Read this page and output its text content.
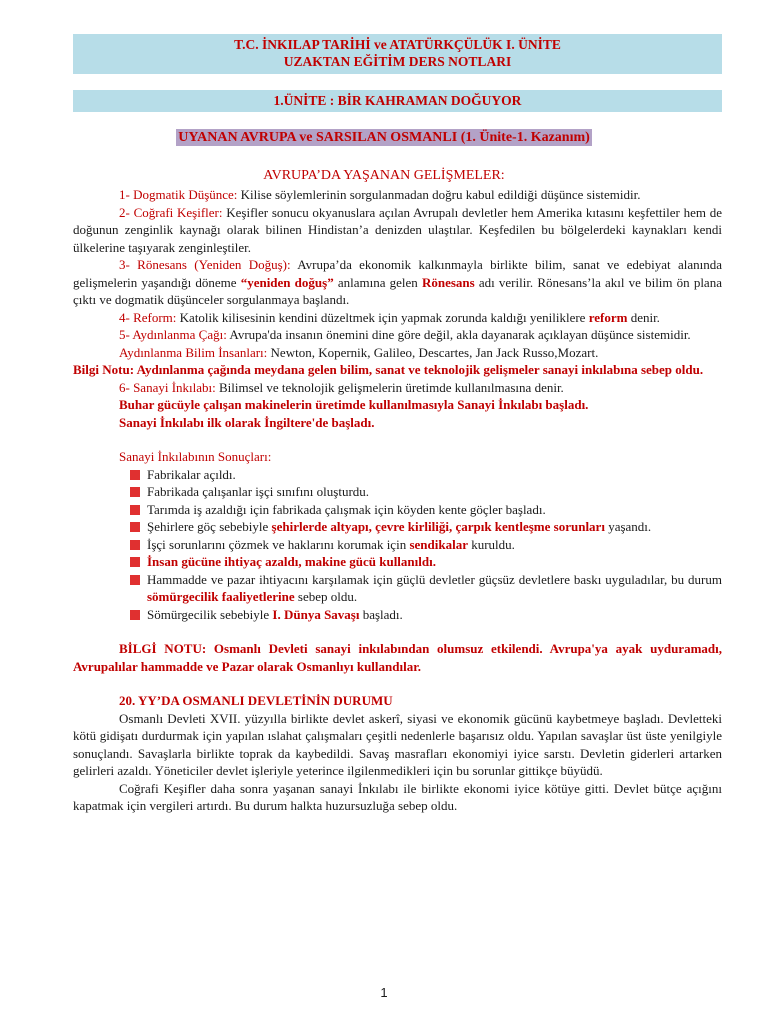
T.C. İNKILAP TARİHİ ve ATATÜRKÇÜLÜK I. ÜNİTE
UZAKTAN EĞİTİM DERS NOTLARI
1.ÜNİTE : BİR KAHRAMAN DOĞUYOR
UYANAN AVRUPA ve SARSILAN OSMANLI (1. Ünite-1. Kazanım)
AVRUPA’DA YAŞANAN GELİŞMELER:

1- Dogmatik Düşünce: Kilise söylemlerinin sorgulanmadan doğru kabul edildiği düşünce sistemidir.

2- Coğrafi Keşifler: Keşifler sonucu okyanuslara açılan Avrupalı devletler hem Amerika kıtasını keşfettiler hem de doğunun zenginlik kaynağı olarak bilinen Hindistan’a denizden ulaştılar. Keşfedilen bu bölgelerdeki kaynakları kendi ülkelerine taşıyarak zenginleştiler.

3- Rönesans (Yeniden Doğuş): Avrupa’da ekonomik kalkınmayla birlikte bilim, sanat ve edebiyat alanında gelişmelerin yaşandığı döneme “yeniden doğuş” anlamına gelen Rönesans adı verilir. Rönesans’la akıl ve bilim ön plana çıktı ve dogmatik düşünceler sorgulanmaya başlandı.

4- Reform: Katolik kilisesinin kendini düzeltmek için yapmak zorunda kaldığı yeniliklere reform denir.

5- Aydınlanma Çağı: Avrupa'da insanın önemini dine göre değil, akla dayanarak açıklayan düşünce sistemidir.

Aydınlanma Bilim İnsanları: Newton, Kopernik, Galileo, Descartes, Jan Jack Russo,Mozart.

Bilgi Notu: Aydınlanma çağında meydana gelen bilim, sanat ve teknolojik gelişmeler sanayi inkılabına sebep oldu.

6- Sanayi İnkılabı: Bilimsel ve teknolojik gelişmelerin üretimde kullanılmasına denir.

Buhar gücüyle çalışan makinelerin üretimde kullanılmasıyla Sanayi İnkılabı başladı.

Sanayi İnkılabı ilk olarak İngiltere'de başladı.

Sanayi İnkılabının Sonuçları:

Fabrikalar açıldı.
Fabrikada çalışanlar işçi sınıfını oluşturdu.
Tarımda iş azaldığı için fabrikada çalışmak için köyden kente göçler başladı.
Şehirlere göç sebebiyle şehirlerde altyapı, çevre kirliliği, çarpık kentleşme sorunları yaşandı.
İşçi sorunlarını çözmek ve haklarını korumak için sendikalar kuruldu.
İnsan gücüne ihtiyaç azaldı, makine gücü kullanıldı.
Hammadde ve pazar ihtiyacını karşılamak için güçlü devletler güçsüz devletlere baskı uyguladılar, bu durum sömürgecilik faaliyetlerine sebep oldu.
Sömürgecilik sebebiyle I. Dünya Savaşı başladı.

BİLGİ NOTU: Osmanlı Devleti sanayi inkılabından olumsuz etkilendi. Avrupa'ya ayak uyduramadı, Avrupalılar hammadde ve Pazar olarak Osmanlıyı kullandılar.

20. YY’DA OSMANLI DEVLETİNİN DURUMU

Osmanlı Devleti XVII. yüzyılla birlikte devlet askerî, siyasi ve ekonomik gücünü kaybetmeye başladı. Devletteki kötü gidişatı durdurmak için yapılan ıslahat çalışmaları çeşitli nedenlerle başarısız oldu. Yapılan savaşlar üst üste yenilgiyle sonuçlandı. Savaşlarla birlikte toprak da kaybedildi. Savaş masrafları ekonomiyi iyice sarstı. Devletin giderleri artarken gelirleri azaldı. Yöneticiler devlet işleriyle yeterince ilgilenmedikleri için bu sorunlar gittikçe büyüdü.

Coğrafi Keşifler daha sonra yaşanan sanayi İnkılabı ile birlikte ekonomi iyice kötüye gitti. Devlet bütçe açığını kapatmak için vergileri artırdı. Bu durum halkta huzursuzluğa sebep oldu.

1
